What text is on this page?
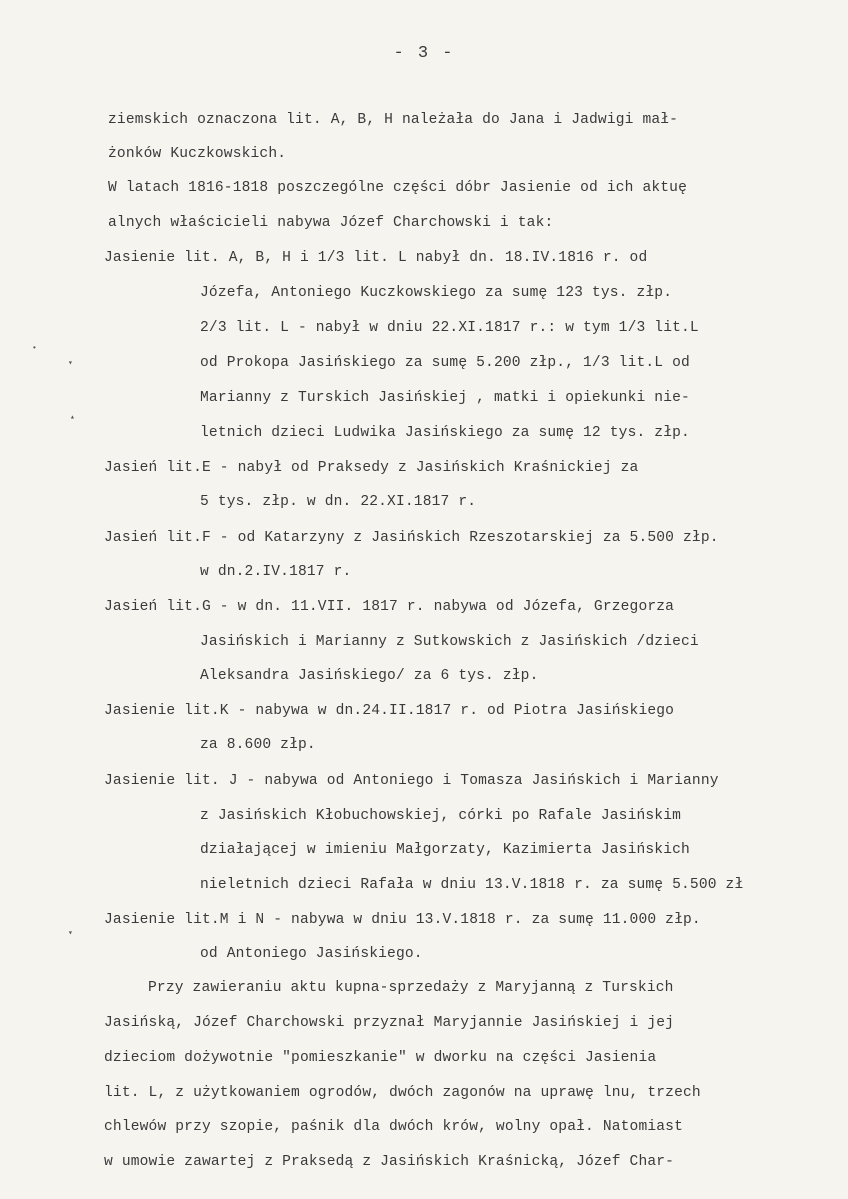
- 3 -
ziemskich oznaczona lit. A, B, H należała do Jana i Jadwigi mał-
żonków Kuczkowskich.
W latach 1816-1818 poszczególne części dóbr Jasienie od ich aktuę
alnych właścicieli nabywa Józef Charchowski i tak:
Jasienie lit. A, B, H i 1/3 lit. L nabył dn. 18.IV.1816 r. od
Józefa, Antoniego Kuczkowskiego za sumę 123 tys. złp.
2/3 lit. L - nabył w dniu 22.XI.1817 r.: w tym 1/3 lit.L
od Prokopa Jasińskiego za sumę 5.200 złp., 1/3 lit.L od
Marianny z Turskich Jasińskiej , matki i opiekunki nie-
letnich dzieci Ludwika Jasińskiego za sumę 12 tys. złp.
Jasień lit.E - nabył od Praksedy z Jasińskich Kraśnickiej za
5 tys. złp. w dn. 22.XI.1817 r.
Jasień lit.F - od Katarzyny z Jasińskich Rzeszotarskiej za 5.500 złp.
w dn.2.IV.1817 r.
Jasień lit.G - w dn. 11.VII. 1817 r. nabywa od Józefa, Grzegorza
Jasińskich i Marianny z Sutkowskich z Jasińskich /dzieci
Aleksandra Jasińskiego/ za 6 tys. złp.
Jasienie lit.K - nabywa w dn.24.II.1817 r. od Piotra Jasińskiego
za 8.600 złp.
Jasienie lit. J - nabywa od Antoniego i Tomasza Jasińskich i Marianny
z Jasińskich Kłobuchowskiej, córki po Rafale Jasińskim
działającej w imieniu Małgorzaty, Kazimierta Jasińskich
nieletnich dzieci Rafała w dniu 13.V.1818 r. za sumę 5.500 zł
Jasienie lit.M i N - nabywa w dniu 13.V.1818 r. za sumę 11.000 złp.
od Antoniego Jasińskiego.
Przy zawieraniu aktu kupna-sprzedaży z Maryjanną z Turskich
Jasińską, Józef Charchowski przyznał Maryjannie Jasińskiej i jej
dzieciom dożywotnie "pomieszkanie" w dworku na części Jasienia
lit. L, z użytkowaniem ogrodów, dwóch zagonów na uprawę lnu, trzech
chlewów przy szopie, paśnik dla dwóch krów, wolny opał. Natomiast
w umowie zawartej z Praksedą z Jasińskich Kraśnicką, Józef Char-
•
▾
▴
▾
